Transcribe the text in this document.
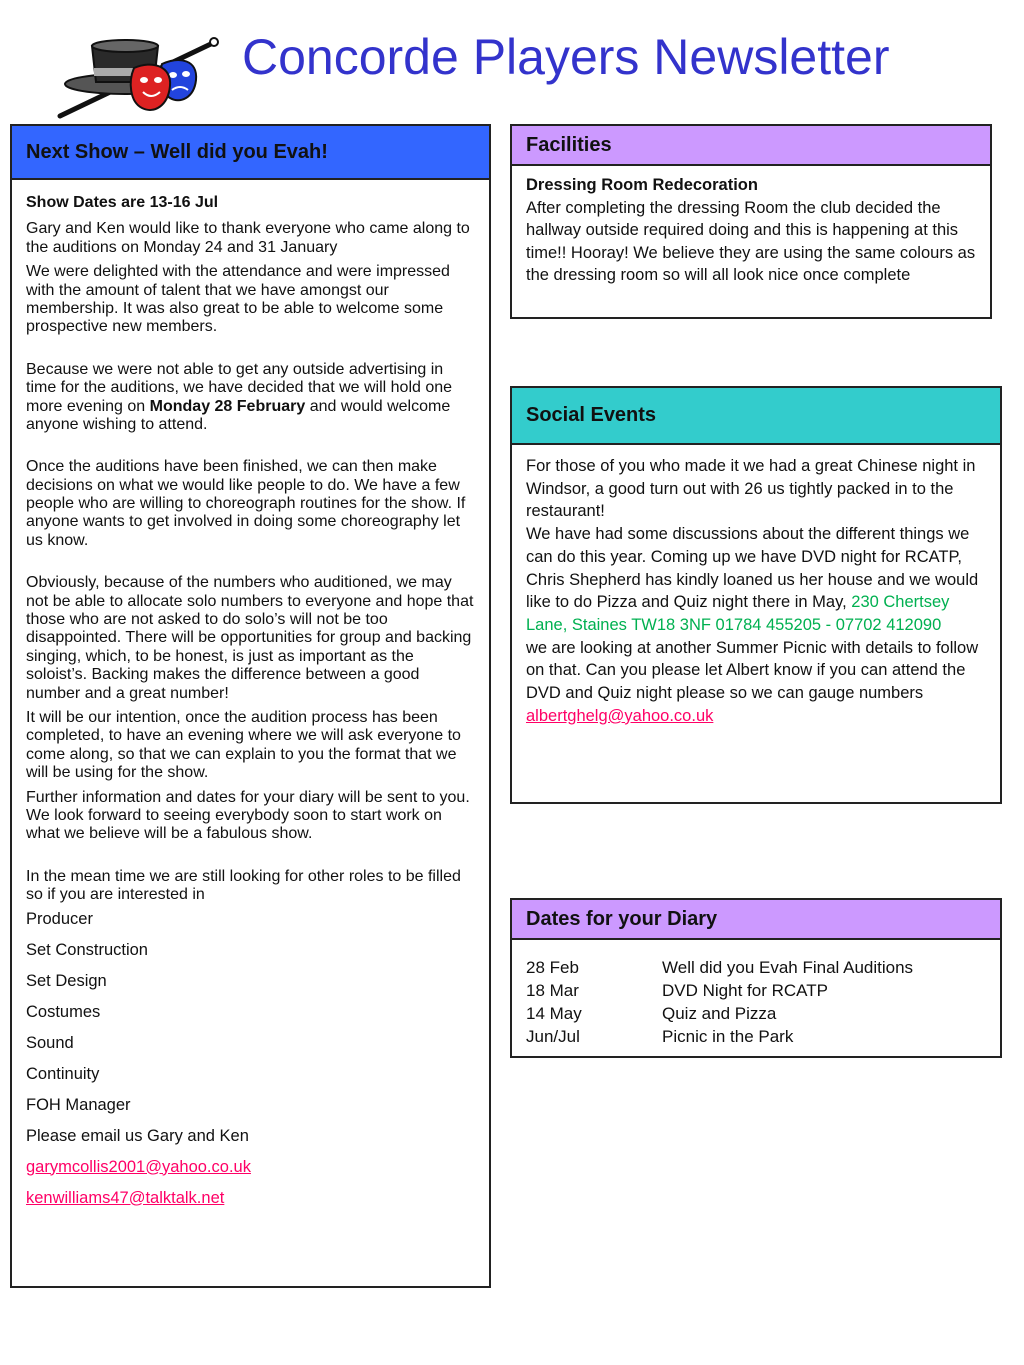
Concorde Players Newsletter
Next Show – Well did you Evah!

Show Dates are 13-16 Jul

Gary and Ken would like to thank everyone who came along to the auditions on Monday 24 and 31 January

We were delighted with the attendance and were impressed with the amount of talent that we have amongst our membership. It was also great to be able to welcome some prospective new members.

Because we were not able to get any outside advertising in time for the auditions, we have decided that we will hold one more evening on Monday 28 February and would welcome anyone wishing to attend.

Once the auditions have been finished, we can then make decisions on what we would like people to do. We have a few people who are willing to choreograph routines for the show. If anyone wants to get involved in doing some choreography let us know.

Obviously, because of the numbers who auditioned, we may not be able to allocate solo numbers to everyone and hope that those who are not asked to do solo’s will not be too disappointed. There will be opportunities for group and backing singing, which, to be honest, is just as important as the soloist’s. Backing makes the difference between a good number and a great number!

It will be our intention, once the audition process has been completed, to have an evening where we will ask everyone to come along, so that we can explain to you the format that we will be using for the show.

Further information and dates for your diary will be sent to you. We look forward to seeing everybody soon to start work on what we believe will be a fabulous show.

In the mean time we are still looking for other roles to be filled so if you are interested in

Producer

Set Construction

Set Design

Costumes

Sound

Continuity

FOH Manager

Please email us Gary and Ken

garymcollis2001@yahoo.co.uk

kenwilliams47@talktalk.net

Facilities
Dressing Room Redecoration
After completing the dressing Room the club decided the hallway outside required doing and this is happening at this time!! Hooray! We believe they are using the same colours as the dressing room so will all look nice once complete
Social Events
For those of you who made it we had a great Chinese night in Windsor, a good turn out with 26 us tightly packed in to the restaurant!
We have had some discussions about the different things we can do this year. Coming up we have DVD night for RCATP, Chris Shepherd has kindly loaned us her house and we would like to do Pizza and Quiz night there in May, 230 Chertsey Lane, Staines TW18 3NF 01784 455205 - 07702 412090
we are looking at another Summer Picnic with details to follow on that. Can you please let Albert know if you can attend the DVD and Quiz night please so we can gauge numbers
albertghelg@yahoo.co.uk
Dates for your Diary
28 Feb	Well did you Evah Final Auditions
18 Mar	DVD Night for RCATP
14 May	Quiz and Pizza
Jun/Jul	Picnic in the Park
